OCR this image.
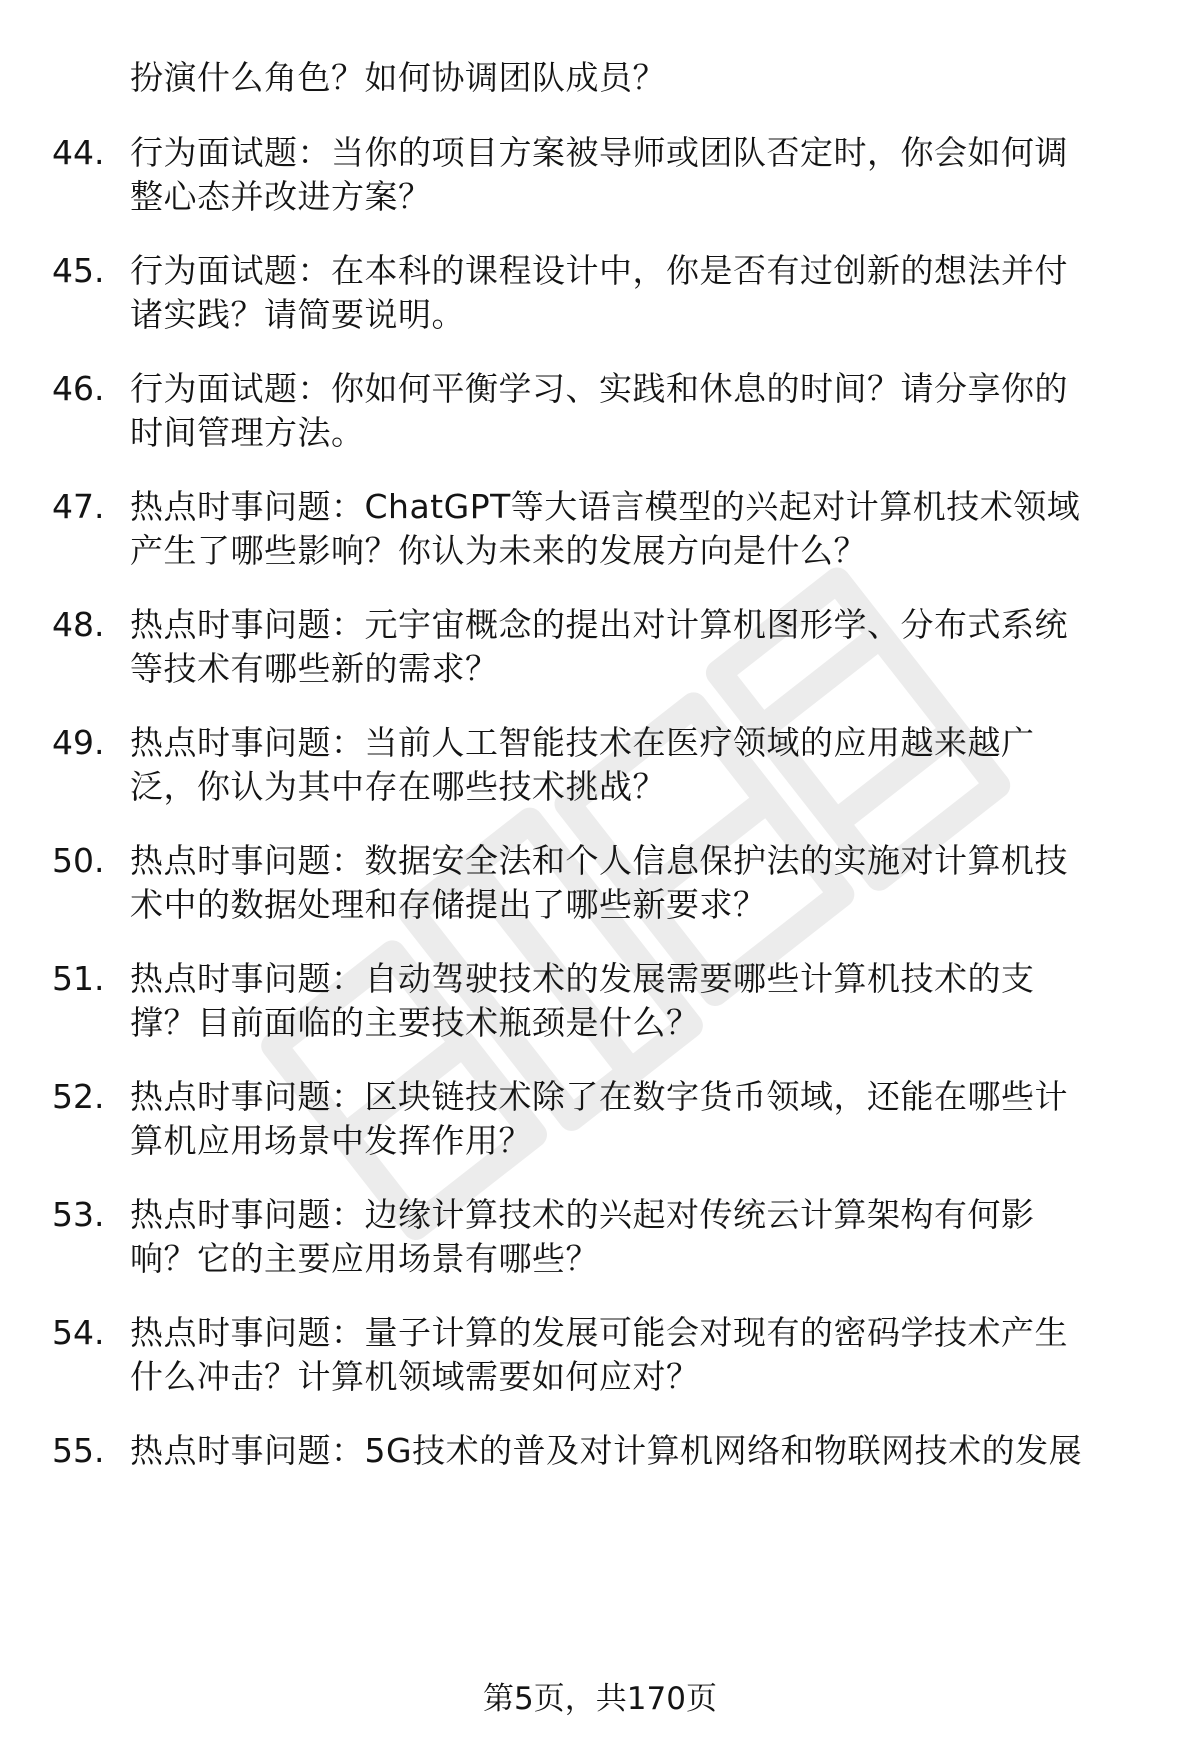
扮演什么角色？如何协调团队成员？
44. 行为面试题：当你的项目方案被导师或团队否定时，你会如何调
整心态并改进方案？
45. 行为面试题：在本科的课程设计中，你是否有过创新的想法并付
诸实践？请简要说明。
46. 行为面试题：你如何平衡学习、实践和休息的时间？请分享你的
时间管理方法。
47. 热点时事问题：ChatGPT等大语言模型的兴起对计算机技术领域
产生了哪些影响？你认为未来的发展方向是什么？
48. 热点时事问题：元宇宙概念的提出对计算机图形学、分布式系统
等技术有哪些新的需求？
49. 热点时事问题：当前人工智能技术在医疗领域的应用越来越广
泛，你认为其中存在哪些技术挑战？
50. 热点时事问题：数据安全法和个人信息保护法的实施对计算机技
术中的数据处理和存储提出了哪些新要求？
51. 热点时事问题：自动驾驶技术的发展需要哪些计算机技术的支
撑？目前面临的主要技术瓶颈是什么？
52. 热点时事问题：区块链技术除了在数字货币领域，还能在哪些计
算机应用场景中发挥作用？
53. 热点时事问题：边缘计算技术的兴起对传统云计算架构有何影
响？它的主要应用场景有哪些？
54. 热点时事问题：量子计算的发展可能会对现有的密码学技术产生
什么冲击？计算机领域需要如何应对？
55. 热点时事问题：5G技术的普及对计算机网络和物联网技术的发展
第5页，共170页
